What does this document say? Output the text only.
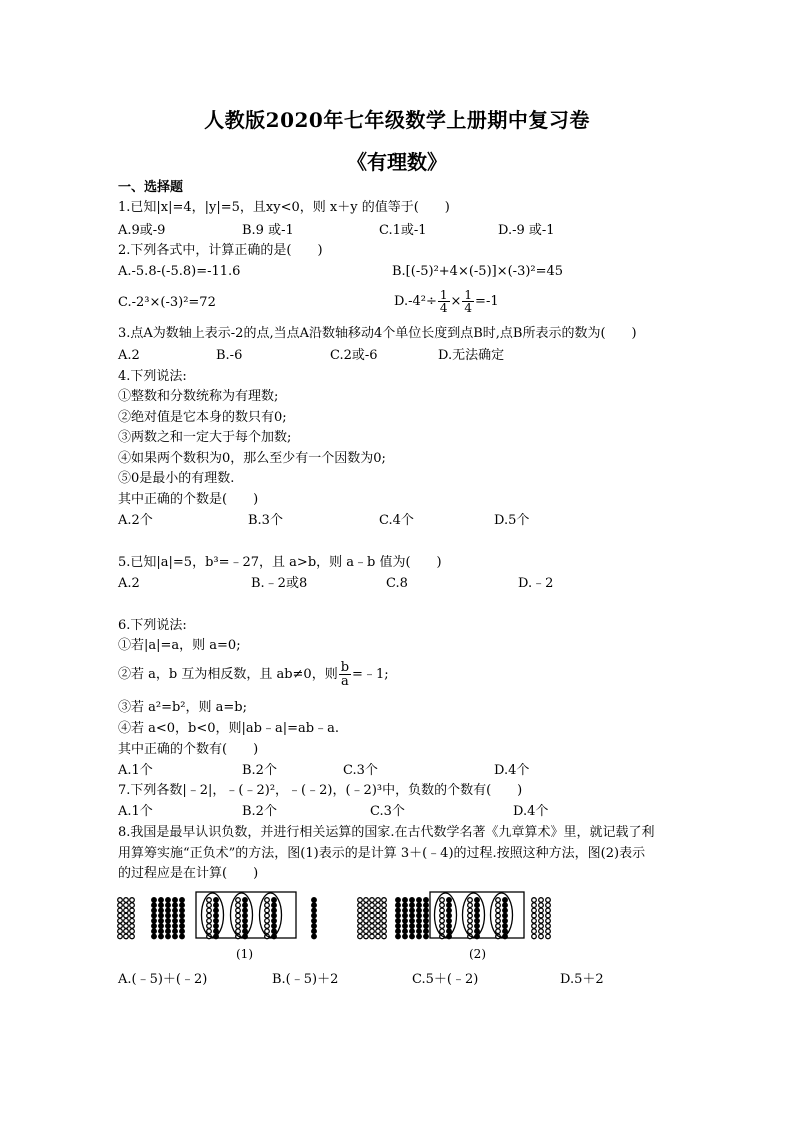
人教版2020年七年级数学上册期中复习卷
《有理数》
一、选择题
1.已知|x|=4，|y|=5，且xy<0，则 x＋y 的值等于(　　)
A.9或-9	B.9 或-1	C.1或-1	D.-9 或-1
2.下列各式中，计算正确的是(　　)
A.-5.8-(-5.8)=-11.6	B.[(-5)²+4×(-5)]×(-3)²=45
C.-2³×(-3)²=72	$D.-4^2\div \frac{1}{4} \times \frac{1}{4} =-1$
3.点A为数轴上表示-2的点,当点A沿数轴移动4个单位长度到点B时,点B所表示的数为(　　)
A.2	B.-6	C.2或-6	D.无法确定
4.下列说法:
①整数和分数统称为有理数;
②绝对值是它本身的数只有0;
③两数之和一定大于每个加数;
④如果两个数积为0，那么至少有一个因数为0;
⑤0是最小的有理数.
其中正确的个数是(　　)
A.2个	B.3个	C.4个	D.5个
5.已知|a|=5，b³=﹣27，且 a>b，则 a﹣b 值为(　　)
A.2	B.﹣2或8	C.8	D.﹣2
6.下列说法:
①若|a|=a，则 a=0;
②若 a，b 互为相反数，且 ab≠0，则 $\frac{b}{a}$ =﹣1;
③若 a²=b²，则 a=b;
④若 a<0，b<0，则|ab﹣a|=ab﹣a.
其中正确的个数有(　　)
A.1个	B.2个	C.3个	D.4个
7.下列各数|﹣2|，﹣(﹣2)²，﹣(﹣2)，(﹣2)³中，负数的个数有(　　)
A.1个	B.2个	C.3个	D.4个
8.我国是最早认识负数，并进行相关运算的国家.在古代数学名著《九章算术》里，就记载了利
用算筹实施“正负术”的方法，图(1)表示的是计算 3＋(﹣4)的过程.按照这种方法，图(2)表示
的过程应是在计算(　　)
(1)	(2)
A.(﹣5)＋(﹣2)	B.(﹣5)＋2	C.5＋(﹣2)	D.5＋2
